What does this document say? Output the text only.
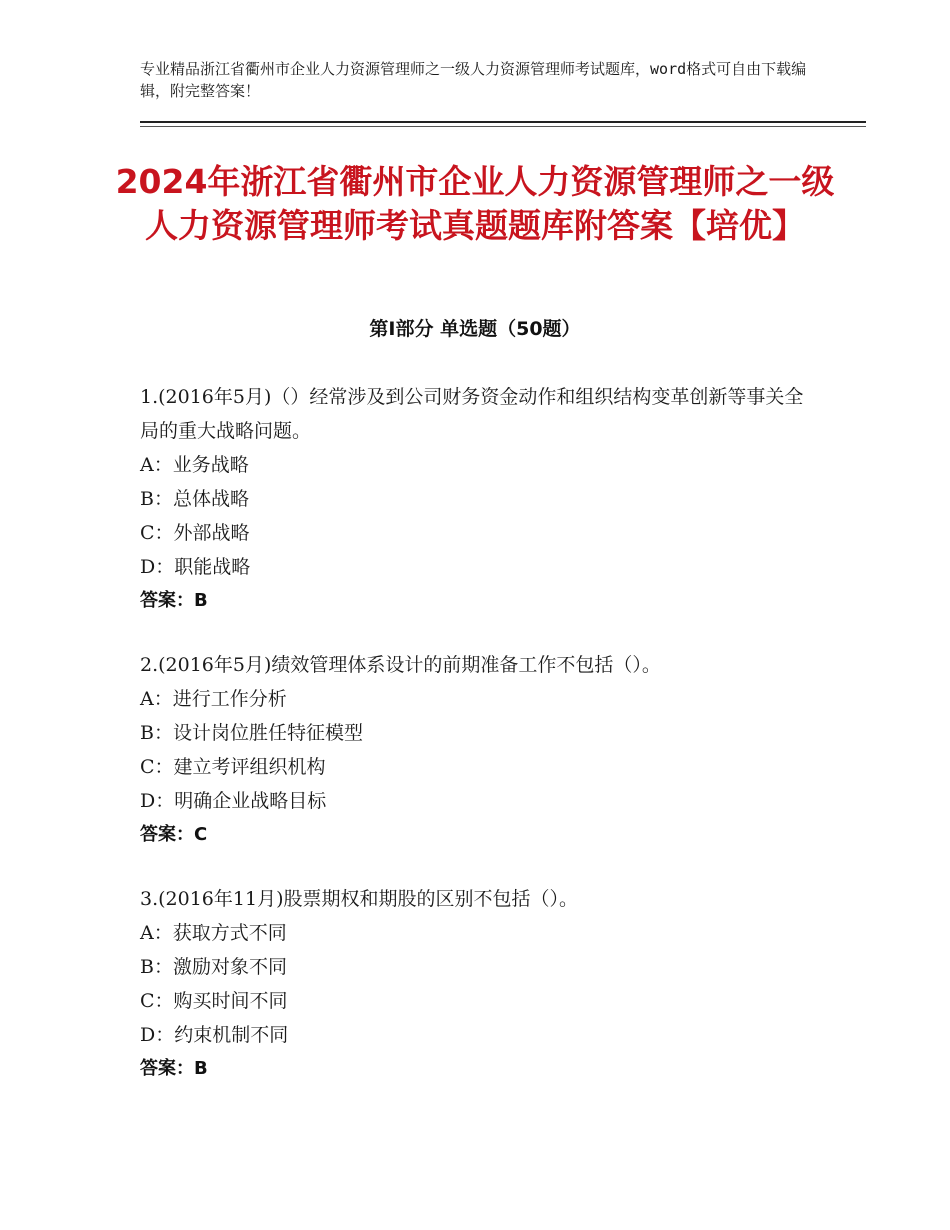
专业精品浙江省衢州市企业人力资源管理师之一级人力资源管理师考试题库，word格式可自由下载编辑，附完整答案！
2024年浙江省衢州市企业人力资源管理师之一级人力资源管理师考试真题题库附答案【培优】
第Ⅰ部分 单选题（50题）

1.(2016年5月)（）经常涉及到公司财务资金动作和组织结构变革创新等事关全局的重大战略问题。

A：业务战略

B：总体战略

C：外部战略

D：职能战略

答案：B

2.(2016年5月)绩效管理体系设计的前期准备工作不包括（）。

A：进行工作分析

B：设计岗位胜任特征模型

C：建立考评组织机构

D：明确企业战略目标

答案：C

3.(2016年11月)股票期权和期股的区别不包括（）。

A：获取方式不同

B：激励对象不同

C：购买时间不同

D：约束机制不同

答案：B
